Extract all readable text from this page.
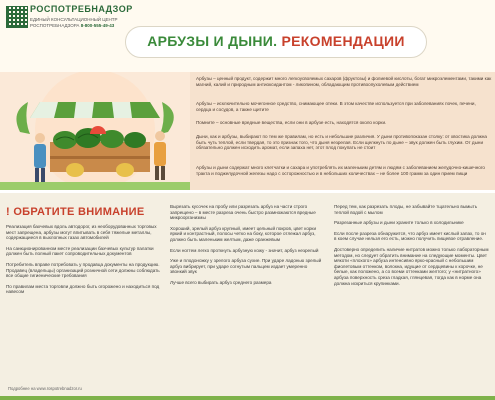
РОСПОТРЕБНАДЗОР
ЕДИНЫЙ КОНСУЛЬТАЦИОННЫЙ ЦЕНТР РОСПОТРЕБНАДЗОРА 8-800-555-49-43
АРБУЗЫ И ДЫНИ. РЕКОМЕНДАЦИИ

Арбузы – ценный продукт, содержит много легкоусвояемых сахаров (фруктозы) и фолиевой кислоты, богат микроэлементами, такими как магний, калий и природным антиоксидантом - ликопином, обладающим противоопухолевым действием

Арбузы – исключительно мочегонное средство, снимающее отеки. В этом качестве используется при заболеваниях почек, печени, сердца и сосудов, а также щитите

Помните – основные вредные вещества, если они в арбузе есть, находятся около корки.

Дыни, как и арбузы, выбирают по тем же правилам, но есть и небольшие различия. У дыни противопоказан столку: от хвостика должна быть чуть теплой, если твердая, то это признак того, что дыня незрелая. Если щелкнуть по дыне – звук должен быть глухим. От дыни обязательно должен исходить аромат, если запаха нет, этот плод покупать не стоит

Арбузы и дыни содержат много клетчатки и сахара и употреблять их маленьким детям и людям с заболеванием желудочно-кишечного тракта и поджелудочной железы надо с осторожностью и в небольших количествах – не более 100 грамм за один прием пищи

! ОБРАТИТЕ ВНИМАНИЕ

Реализация бахчевых вдоль автодорог, из необорудованных торговых мест запрещена, арбузы могут впитывать в себя тяжелые металлы, содержащиеся в выхлопных газах автомобилей

На санкционированном месте реализации бахчевых культур палатки должен быть полный пакет сопроводительных документов

Потребитель вправе потребовать у продавца документы на продукцию. Продавец (владельцы) организаций розничной сети должны соблюдать все общие гигиенические требования

По правилам места торговли должно быть огорожено и находиться под навесом

Вырезать кусочек на пробу или разрезать арбуз на части строго запрещено – в месте разреза очень быстро размножаются вредные микроорганизмы

Хороший, зрелый арбуз крупный, имеет цельный покров, цвет корки яркий и контрастный, полосы четко на боку, которое отлежал арбуз, должно быть маленьким желтым, даже оранжевым

Если ногтем легко проткнуть арбузную кожу - значит, арбуз незрелый

Уже и плодоножку у зрелого арбуза сухие. При ударе ладонью зрелый арбуз вибрирует, при ударе согнутым пальцем издает умеренно звонкий звук

Лучше всего выбирать арбуз среднего размера

Перед тем, как разрезать плоды, не забывайте тщательно вымыть теплой водой с мылом

Разрезанные арбузы и дыни храните только в холодильнике

Если после разреза обнаружится, что арбуз имеет кислый запах, то он в коем случае нельзя его есть, можно получить пищевое отравление.

Достоверно определить наличие нитратов можно только лабораторным методом, но следует обратить внимание на следующие моменты. Цвет мякоти «плохого» арбуза интенсивно ярко-красный с небольшим фиолетовым оттенком, волокна, идущие от сердцевины к корочке, не белые, как положено, а со всеми оттенками желтого; у «нитратного» арбуза поверхность среза гладкая, глянцевая, тогда как в норме она должна искриться крупинками.

Подробнее на www.rospotrebnadzor.ru
